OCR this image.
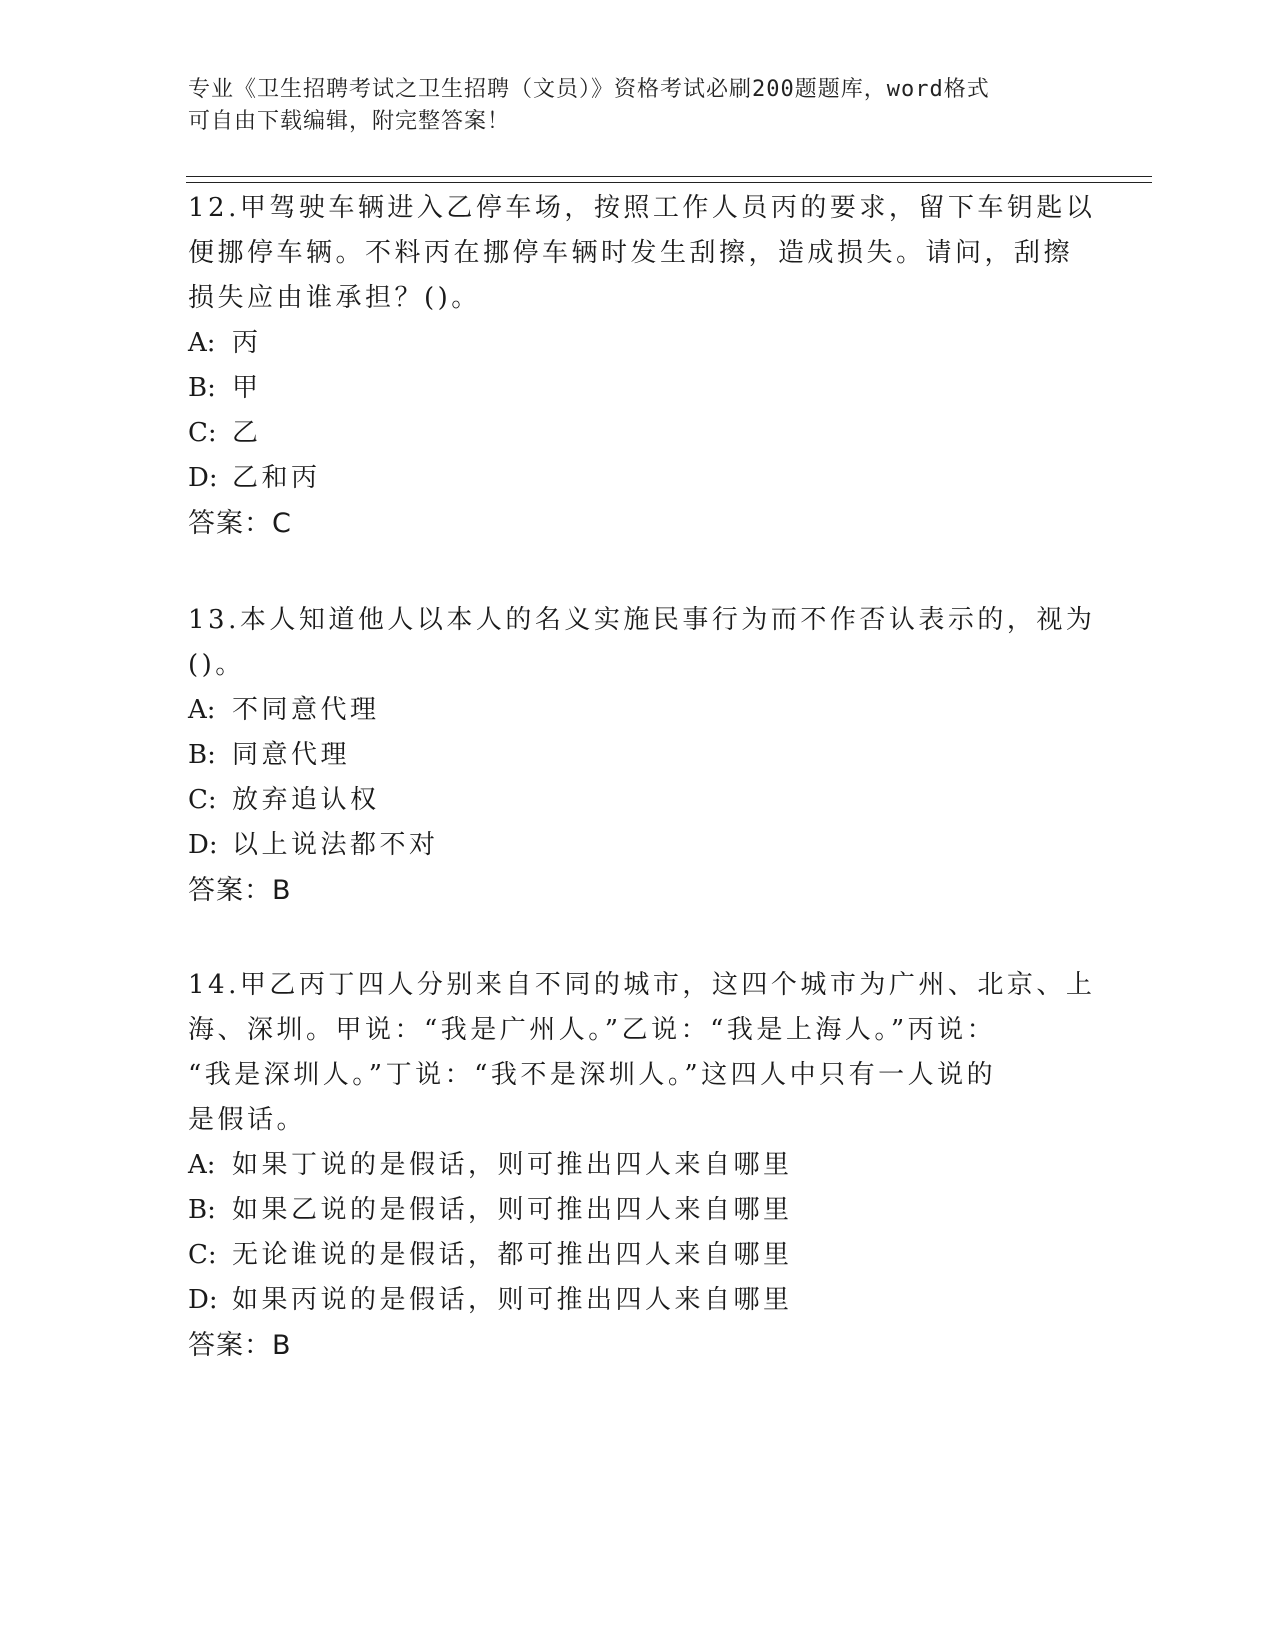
专业《卫生招聘考试之卫生招聘（文员）》资格考试必刷200题题库，word格式
可自由下载编辑，附完整答案！
12.甲驾驶车辆进入乙停车场，按照工作人员丙的要求，留下车钥匙以
便挪停车辆。不料丙在挪停车辆时发生刮擦，造成损失。请问，刮擦
损失应由谁承担？()。
A: 丙
B: 甲
C: 乙
D: 乙和丙
答案：C
13.本人知道他人以本人的名义实施民事行为而不作否认表示的，视为
()。
A: 不同意代理
B: 同意代理
C: 放弃追认权
D: 以上说法都不对
答案：B
14.甲乙丙丁四人分别来自不同的城市，这四个城市为广州、北京、上
海、深圳。甲说：“我是广州人。”乙说：“我是上海人。”丙说：
“我是深圳人。”丁说：“我不是深圳人。”这四人中只有一人说的
是假话。
A: 如果丁说的是假话，则可推出四人来自哪里
B: 如果乙说的是假话，则可推出四人来自哪里
C: 无论谁说的是假话，都可推出四人来自哪里
D: 如果丙说的是假话，则可推出四人来自哪里
答案：B
